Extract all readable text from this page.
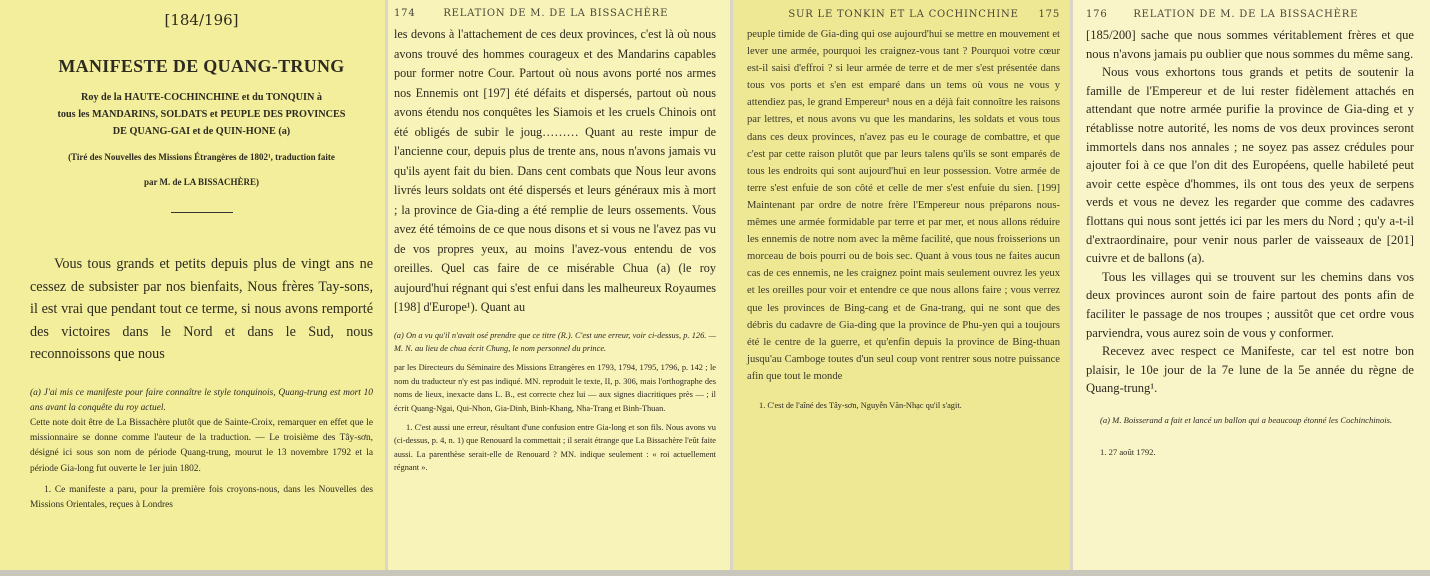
[184/196]
MANIFESTE DE QUANG-TRUNG
Roy de la HAUTE-COCHINCHINE et du TONQUIN à
tous les MANDARINS, SOLDATS et PEUPLE DES PROVINCES
DE QUANG-GAI et de QUIN-HONE (a)
(Tiré des Nouvelles des Missions Étrangères de 1802¹, traduction faite
par M. de LA BISSACHÈRE)

Vous tous grands et petits depuis plus de vingt ans ne cessez de subsister par nos bienfaits, Nous frères Tay-sons, il est vrai que pendant tout ce terme, si nous avons remporté des victoires dans le Nord et dans le Sud, nous reconnoissons que nous

(a) J'ai mis ce manifeste pour faire connaître le style tonquinois, Quang-trung est mort 10 ans avant la conquête du roy actuel.

Cette note doit être de La Bissachère plutôt que de Sainte-Croix, remarquer en effet que le missionnaire se donne comme l'auteur de la traduction. — Le troisième des Tây-sơn, désigné ici sous son nom de période Quang-trung, mourut le 13 novembre 1792 et la période Gia-long fut ouverte le 1er juin 1802.

1. Ce manifeste a paru, pour la première fois croyons-nous, dans les Nouvelles des Missions Orientales, reçues à Londres

174	RELATION DE M. DE LA BISSACHÈRE

les devons à l'attachement de ces deux provinces, c'est là où nous avons trouvé des hommes courageux et des Mandarins capables pour former notre Cour. Partout où nous avons porté nos armes nos Ennemis ont [197] été défaits et dispersés, partout où nous avons étendu nos conquêtes les Siamois et les cruels Chinois ont été obligés de subir le joug……… Quant au reste impur de l'ancienne cour, depuis plus de trente ans, nous n'avons jamais vu qu'ils ayent fait du bien. Dans cent combats que Nous leur avons livrés leurs soldats ont été dispersés et leurs généraux mis à mort ; la province de Gia-ding a été remplie de leurs ossements. Vous avez été témoins de ce que nous disons et si vous ne l'avez pas vu de vos propres yeux, au moins l'avez-vous entendu de vos oreilles. Quel cas faire de ce misérable Chua (a) (le roy aujourd'hui régnant qui s'est enfui dans les malheureux Royaumes [198] d'Europe¹). Quant au

(a) On a vu qu'il n'avait osé prendre que ce titre (R.). C'est une erreur, voir ci-dessus, p. 126. — M. N. au lieu de chua écrit Chung, le nom personnel du prince.

par les Directeurs du Séminaire des Missions Etrangères en 1793, 1794, 1795, 1796, p. 142 ; le nom du traducteur n'y est pas indiqué. MN. reproduit le texte, II, p. 306, mais l'orthographe des noms de lieux, inexacte dans L. B., est correcte chez lui — aux signes diacritiques près — ; il écrit Quang-Ngai, Qui-Nhon, Gia-Dinh, Binh-Khang, Nha-Trang et Binh-Thuan.

1. C'est aussi une erreur, résultant d'une confusion entre Gia-long et son fils. Nous avons vu (ci-dessus, p. 4, n. 1) que Renouard la commettait ; il serait étrange que La Bissachère l'eût faite aussi. La parenthèse serait-elle de Renouard ? MN. indique seulement : « roi actuellement régnant ».

SUR LE TONKIN ET LA COCHINCHINE 175

peuple timide de Gia-ding qui ose aujourd'hui se mettre en mouvement et lever une armée, pourquoi les craignez-vous tant ? Pourquoi votre cœur est-il saisi d'effroi ? si leur armée de terre et de mer s'est présentée dans tous vos ports et s'en est emparé dans un tems où vous ne vous y attendiez pas, le grand Empereur¹ nous en a déjà fait connoître les raisons par lettres, et nous avons vu que les mandarins, les soldats et vous tous dans ces deux provinces, n'avez pas eu le courage de combattre, et que c'est par cette raison plutôt que par leurs talens qu'ils se sont emparés de tous les endroits qui sont aujourd'hui en leur possession. Votre armée de terre s'est enfuie de son côté et celle de mer s'est enfuie du sien. [199] Maintenant par ordre de notre frère l'Empereur nous préparons nous-mêmes une armée formidable par terre et par mer, et nous allons réduire les ennemis de notre nom avec la même facilité, que nous froisserions un morceau de bois pourri ou de bois sec. Quant à vous tous ne faites aucun cas de ces ennemis, ne les craignez point mais seulement ouvrez les yeux et les oreilles pour voir et entendre ce que nous allons faire ; vous verrez que les provinces de Bing-cang et de Gna-trang, qui ne sont que des débris du cadavre de Gia-ding que la province de Phu-yen qui a toujours été le centre de la guerre, et qu'enfin depuis la province de Bing-thuan jusqu'au Camboge toutes d'un seul coup vont rentrer sous notre puissance afin que tout le monde

1. C'est de l'aîné des Tây-sơn, Nguyễn Văn-Nhạc qu'il s'agit.

176	RELATION DE M. DE LA BISSACHÈRE

[185/200] sache que nous sommes véritablement frères et que nous n'avons jamais pu oublier que nous sommes du même sang.

Nous vous exhortons tous grands et petits de soutenir la famille de l'Empereur et de lui rester fidèlement attachés en attendant que notre armée purifie la province de Gia-ding et y rétablisse notre autorité, les noms de vos deux provinces seront immortels dans nos annales ; ne soyez pas assez crédules pour ajouter foi à ce que l'on dit des Européens, quelle habileté peut avoir cette espèce d'hommes, ils ont tous des yeux de serpens verds et vous ne devez les regarder que comme des cadavres flottans qui nous sont jettés ici par les mers du Nord ; qu'y a-t-il d'extraordinaire, pour venir nous parler de vaisseaux de [201] cuivre et de ballons (a).

Tous les villages qui se trouvent sur les chemins dans vos deux provinces auront soin de faire partout des ponts afin de faciliter le passage de nos troupes ; aussitôt que cet ordre vous parviendra, vous aurez soin de vous y conformer.

Recevez avec respect ce Manifeste, car tel est notre bon plaisir, le 10e jour de la 7e lune de la 5e année du règne de Quang-trung¹.

(a) M. Boisserand a fait et lancé un ballon qui a beaucoup étonné les Cochinchinois.
1. 27 août 1792.
